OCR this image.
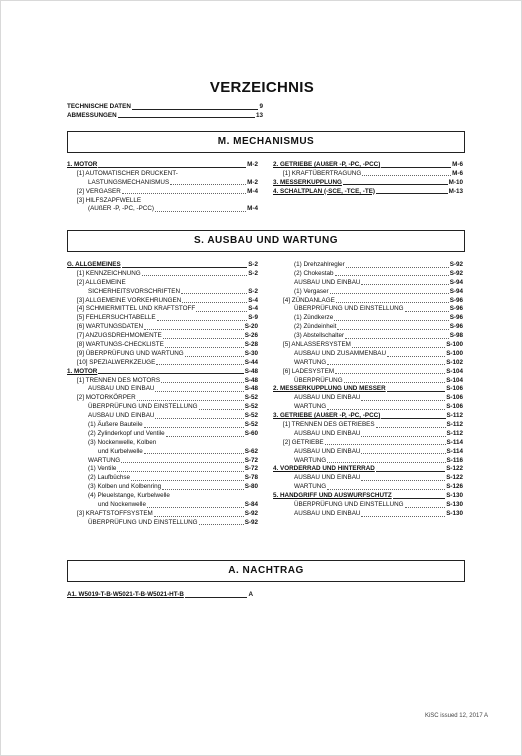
VERZEICHNIS
TECHNISCHE DATEN	9
ABMESSUNGEN	13
M. MECHANISMUS
1. MOTOR	M-2
[1] AUTOMATISCHER DRUCKENT-
LASTUNGSMECHANISMUS	M-2
[2] VERGASER	M-4
[3] HILFSZAPFWELLE
(AUßER -P, -PC, -PCC)	M-4
2. GETRIEBE (AUßER -P, -PC, -PCC)	M-6
[1] KRAFTÜBERTRAGUNG	M-6
3. MESSERKUPPLUNG	M-10
4. SCHALTPLAN (-SCE, -TCE, -TE)	M-13
S. AUSBAU UND WARTUNG
G. ALLGEMEINES	S-2
[1] KENNZEICHNUNG	S-2
[2] ALLGEMEINE
SICHERHEITSVORSCHRIFTEN	S-2
[3] ALLGEMEINE VORKEHRUNGEN	S-4
[4] SCHMIERMITTEL UND KRAFTSTOFF	S-4
[5] FEHLERSUCHTABELLE	S-9
[6] WARTUNGSDATEN	S-20
[7] ANZUGSDREHMOMENTE	S-26
[8] WARTUNGS-CHECKLISTE	S-28
[9] ÜBERPRÜFUNG UND WARTUNG	S-30
[10] SPEZIALWERKZEUGE	S-44
1. MOTOR	S-48
[1] TRENNEN DES MOTORS	S-48
AUSBAU UND EINBAU	S-48
[2] MOTORKÖRPER	S-52
ÜBERPRÜFUNG UND EINSTELLUNG	S-52
AUSBAU UND EINBAU	S-52
(1) Äußere Bauteile	S-52
(2) Zylinderkopf und Ventile	S-60
(3) Nockenwelle, Kolben
und Kurbelwelle	S-62
WARTUNG	S-72
(1) Ventile	S-72
(2) Laufbüchse	S-78
(3) Kolben und Kolbenring	S-80
(4) Pleuelstange, Kurbelwelle
und Nockenwelle	S-84
[3] KRAFTSTOFFSYSTEM	S-92
ÜBERPRÜFUNG UND EINSTELLUNG	S-92
(1) Drehzahlregler	S-92
(2) Chokestab	S-92
AUSBAU UND EINBAU	S-94
(1) Vergaser	S-94
[4] ZÜNDANLAGE	S-96
ÜBERPRÜFUNG UND EINSTELLUNG	S-96
(1) Zündkerze	S-96
(2) Zündeinheit	S-96
(3) Abstellschalter	S-98
[5] ANLASSERSYSTEM	S-100
AUSBAU UND ZUSAMMENBAU	S-100
WARTUNG	S-102
[6] LADESYSTEM	S-104
ÜBERPRÜFUNG	S-104
2. MESSERKUPPLUNG UND MESSER	S-106
AUSBAU UND EINBAU	S-106
WARTUNG	S-106
3. GETRIEBE (AUßER -P, -PC, -PCC)	S-112
[1] TRENNEN DES GETRIEBES	S-112
AUSBAU UND EINBAU	S-112
[2] GETRIEBE	S-114
AUSBAU UND EINBAU	S-114
WARTUNG	S-116
4. VORDERRAD UND HINTERRAD	S-122
AUSBAU UND EINBAU	S-122
WARTUNG	S-126
5. HANDGRIFF UND AUSWURFSCHUTZ	S-130
ÜBERPRÜFUNG UND EINSTELLUNG	S-130
AUSBAU UND EINBAU	S-130
A. NACHTRAG
A1. W5019-T-B·W5021-T-B·W5021-HT-B	A
KiSC issued 12, 2017 A
